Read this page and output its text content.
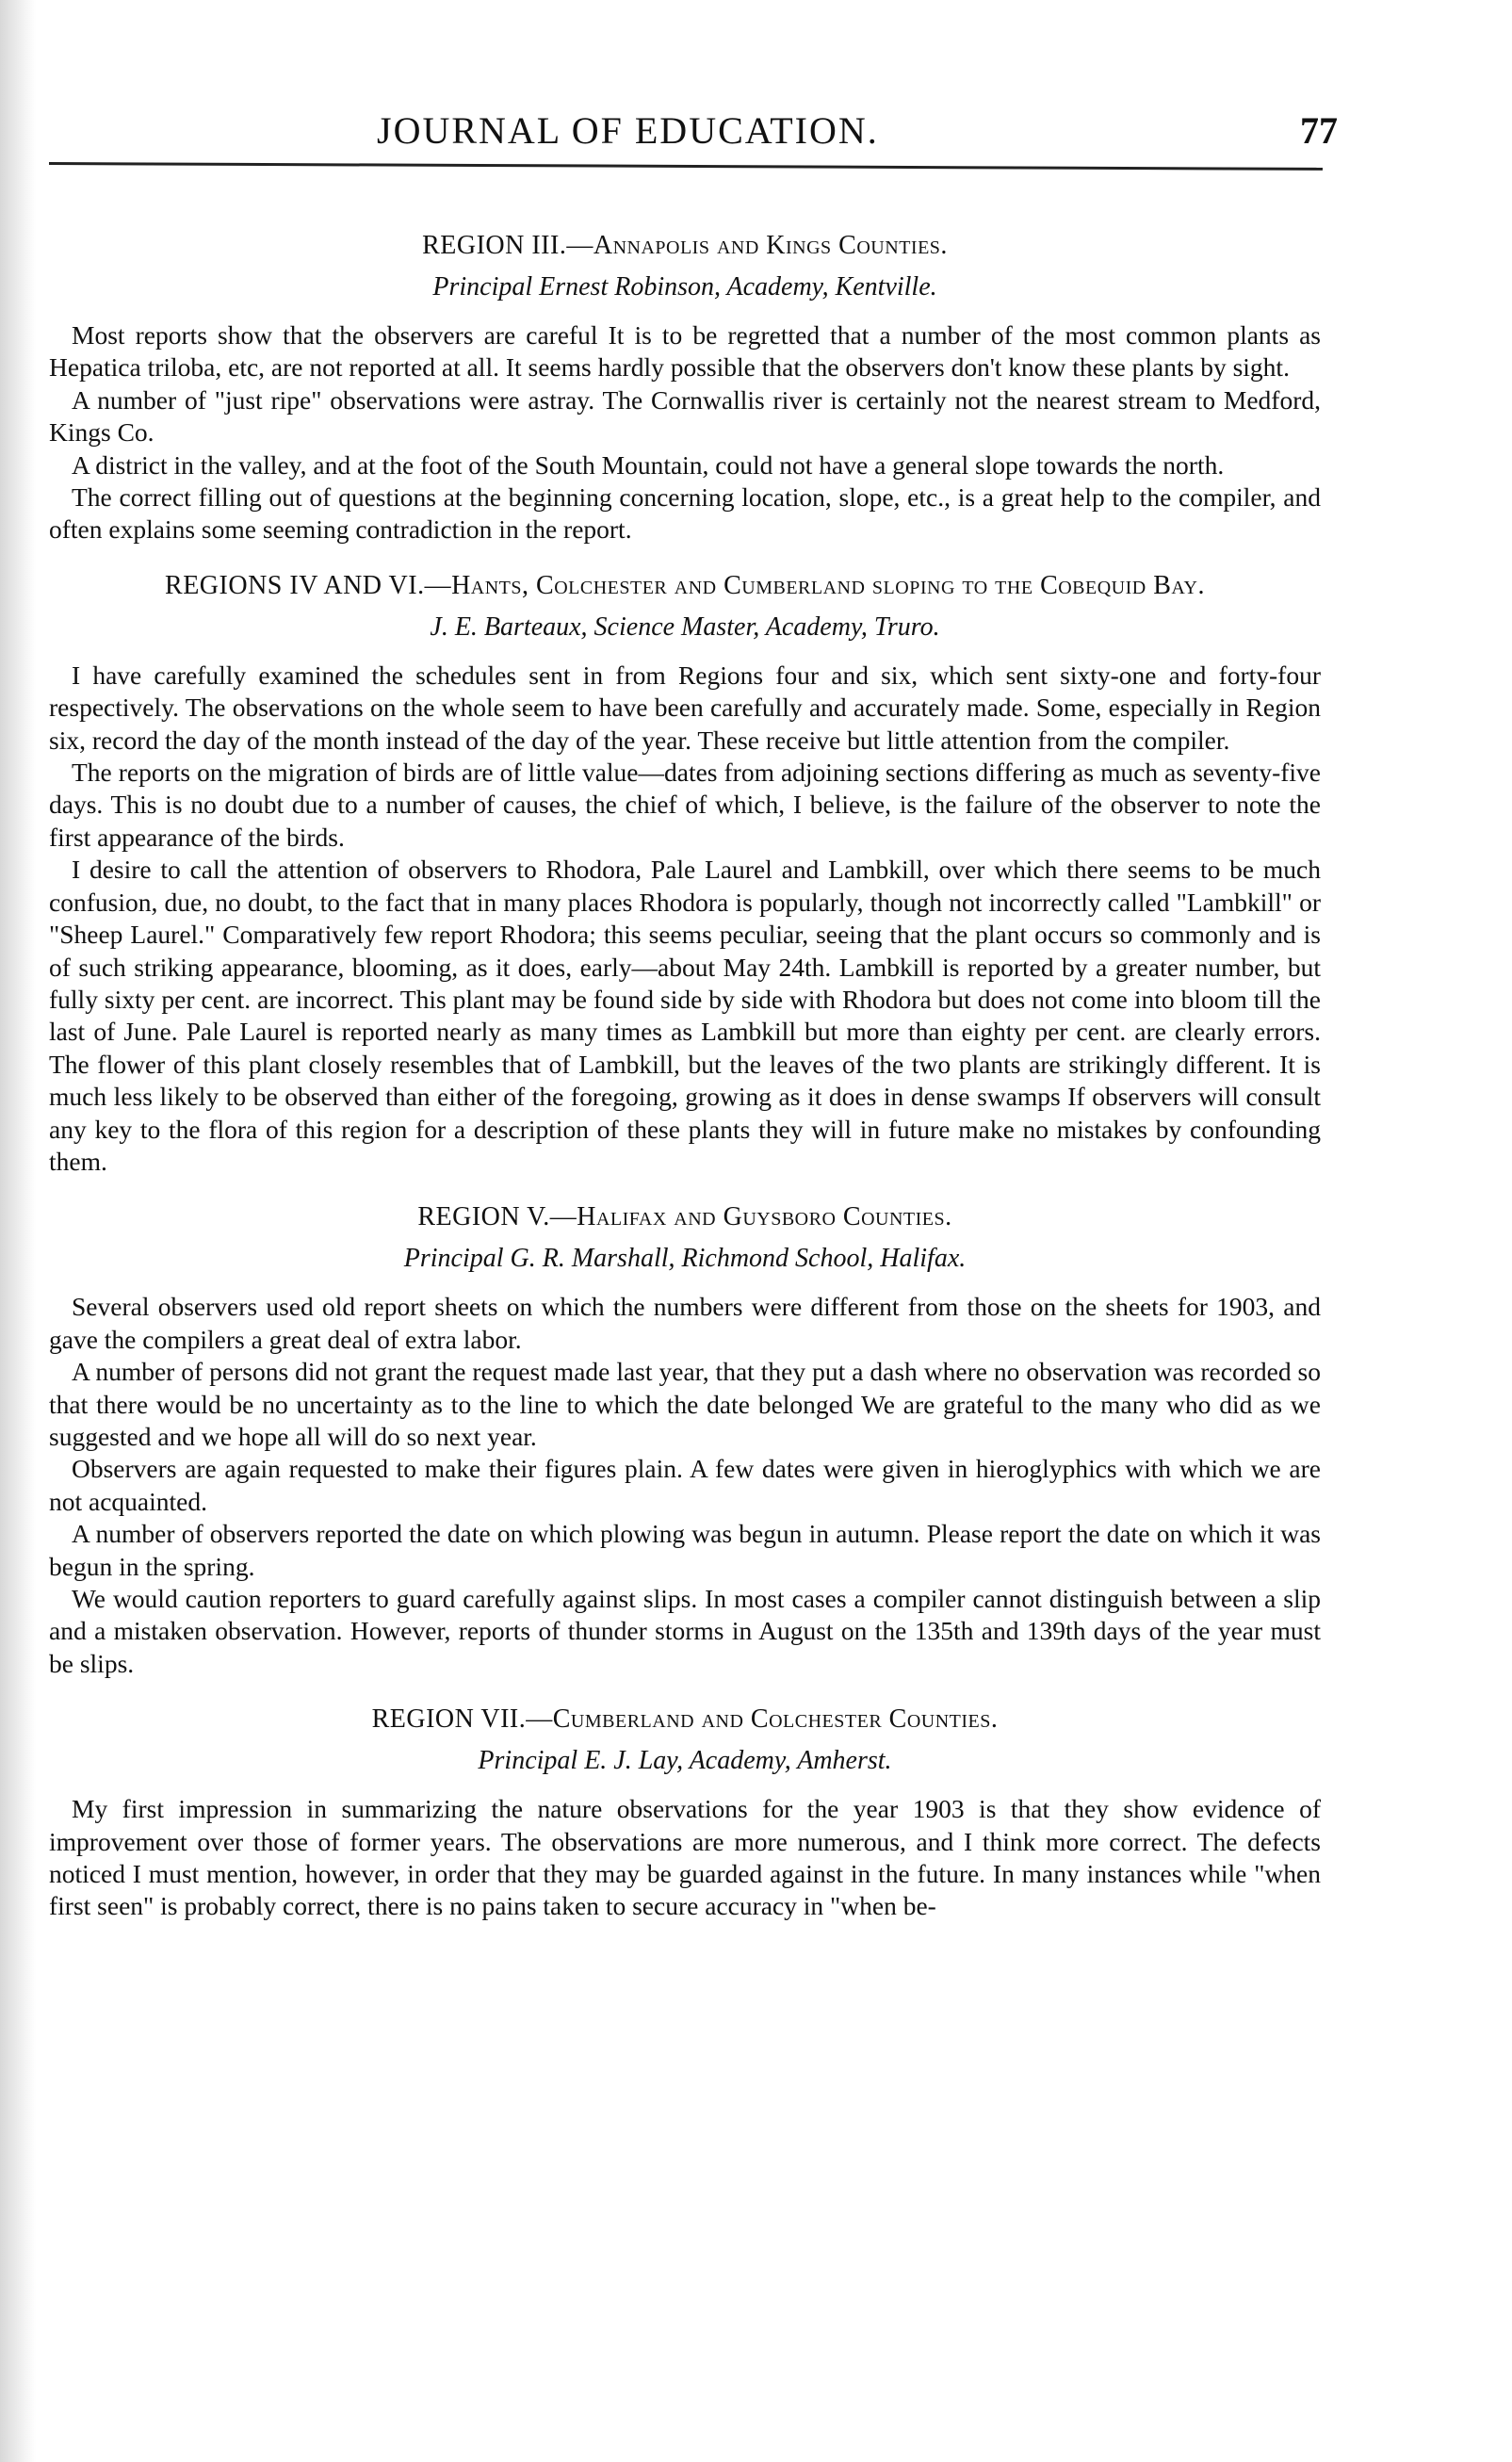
JOURNAL OF EDUCATION.	77
REGION III.—Annapolis and Kings Counties.
Principal Ernest Robinson, Academy, Kentville.

Most reports show that the observers are careful It is to be regretted that a number of the most common plants as Hepatica triloba, etc, are not reported at all. It seems hardly possible that the observers don't know these plants by sight.

A number of "just ripe" observations were astray. The Cornwallis river is certainly not the nearest stream to Medford, Kings Co.

A district in the valley, and at the foot of the South Mountain, could not have a general slope towards the north.

The correct filling out of questions at the beginning concerning location, slope, etc., is a great help to the compiler, and often explains some seeming contradiction in the report.

REGIONS IV AND VI.—Hants, Colchester and Cumberland sloping to the Cobequid Bay.
J. E. Barteaux, Science Master, Academy, Truro.

I have carefully examined the schedules sent in from Regions four and six, which sent sixty-one and forty-four respectively. The observations on the whole seem to have been carefully and accurately made. Some, especially in Region six, record the day of the month instead of the day of the year. These receive but little attention from the compiler.

The reports on the migration of birds are of little value—dates from adjoining sections differing as much as seventy-five days. This is no doubt due to a number of causes, the chief of which, I believe, is the failure of the observer to note the first appearance of the birds.

I desire to call the attention of observers to Rhodora, Pale Laurel and Lambkill, over which there seems to be much confusion, due, no doubt, to the fact that in many places Rhodora is popularly, though not incorrectly called "Lambkill" or "Sheep Laurel." Comparatively few report Rhodora; this seems peculiar, seeing that the plant occurs so commonly and is of such striking appearance, blooming, as it does, early—about May 24th. Lambkill is reported by a greater number, but fully sixty per cent. are incorrect. This plant may be found side by side with Rhodora but does not come into bloom till the last of June. Pale Laurel is reported nearly as many times as Lambkill but more than eighty per cent. are clearly errors. The flower of this plant closely resembles that of Lambkill, but the leaves of the two plants are strikingly different. It is much less likely to be observed than either of the foregoing, growing as it does in dense swamps If observers will consult any key to the flora of this region for a description of these plants they will in future make no mistakes by confounding them.

REGION V.—Halifax and Guysboro Counties.
Principal G. R. Marshall, Richmond School, Halifax.

Several observers used old report sheets on which the numbers were different from those on the sheets for 1903, and gave the compilers a great deal of extra labor.

A number of persons did not grant the request made last year, that they put a dash where no observation was recorded so that there would be no uncertainty as to the line to which the date belonged We are grateful to the many who did as we suggested and we hope all will do so next year.

Observers are again requested to make their figures plain. A few dates were given in hieroglyphics with which we are not acquainted.

A number of observers reported the date on which plowing was begun in autumn. Please report the date on which it was begun in the spring.

We would caution reporters to guard carefully against slips. In most cases a compiler cannot distinguish between a slip and a mistaken observation. However, reports of thunder storms in August on the 135th and 139th days of the year must be slips.

REGION VII.—Cumberland and Colchester Counties.
Principal E. J. Lay, Academy, Amherst.

My first impression in summarizing the nature observations for the year 1903 is that they show evidence of improvement over those of former years. The observations are more numerous, and I think more correct. The defects noticed I must mention, however, in order that they may be guarded against in the future. In many instances while "when first seen" is probably correct, there is no pains taken to secure accuracy in "when be-
